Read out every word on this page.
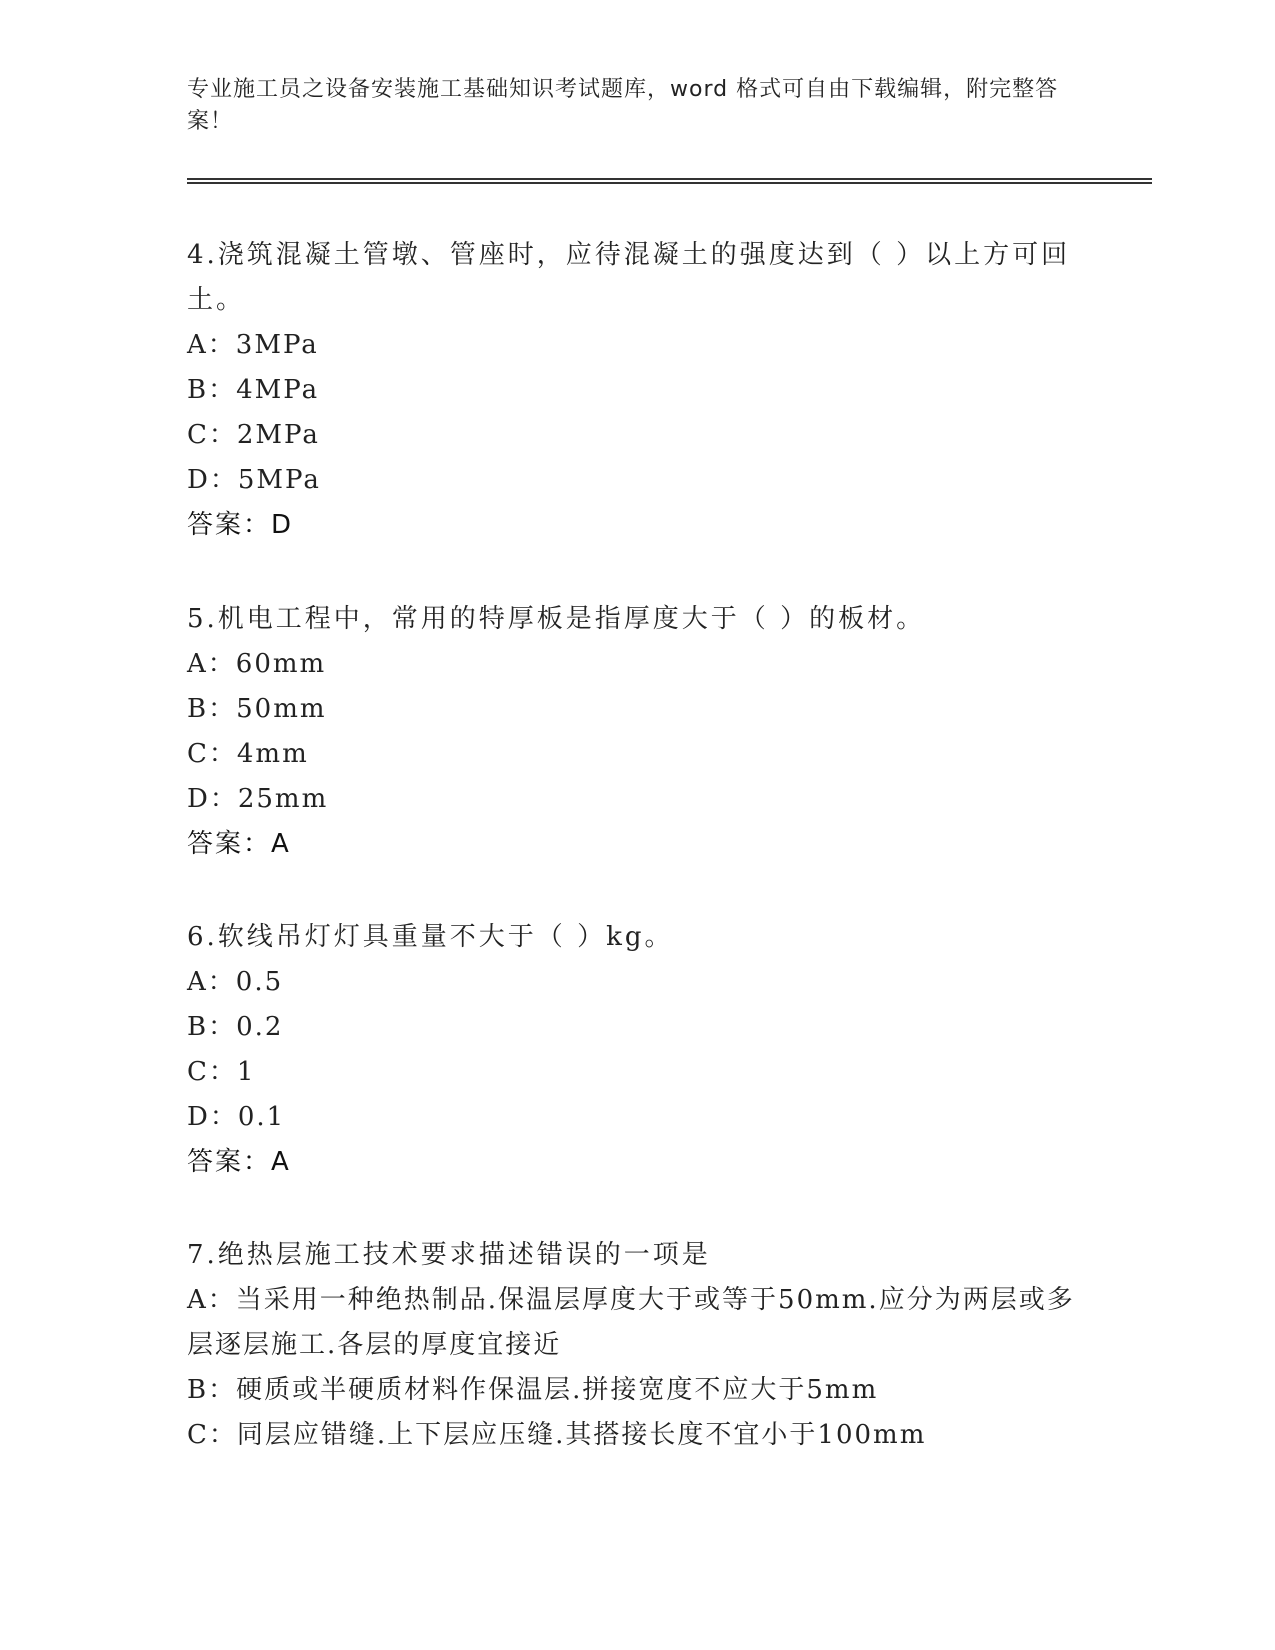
专业施工员之设备安装施工基础知识考试题库，word 格式可自由下载编辑，附完整答案！

4.浇筑混凝土管墩、管座时，应待混凝土的强度达到（ ）以上方可回土。

A：3MPa

B：4MPa

C：2MPa

D：5MPa

答案：D

5.机电工程中，常用的特厚板是指厚度大于（ ）的板材。

A：60mm

B：50mm

C：4mm

D：25mm

答案：A

6.软线吊灯灯具重量不大于（ ）kg。

A：0.5

B：0.2

C：1

D：0.1

答案：A

7.绝热层施工技术要求描述错误的一项是

A：当采用一种绝热制品.保温层厚度大于或等于50mm.应分为两层或多层逐层施工.各层的厚度宜接近

B：硬质或半硬质材料作保温层.拼接宽度不应大于5mm

C：同层应错缝.上下层应压缝.其搭接长度不宜小于100mm
